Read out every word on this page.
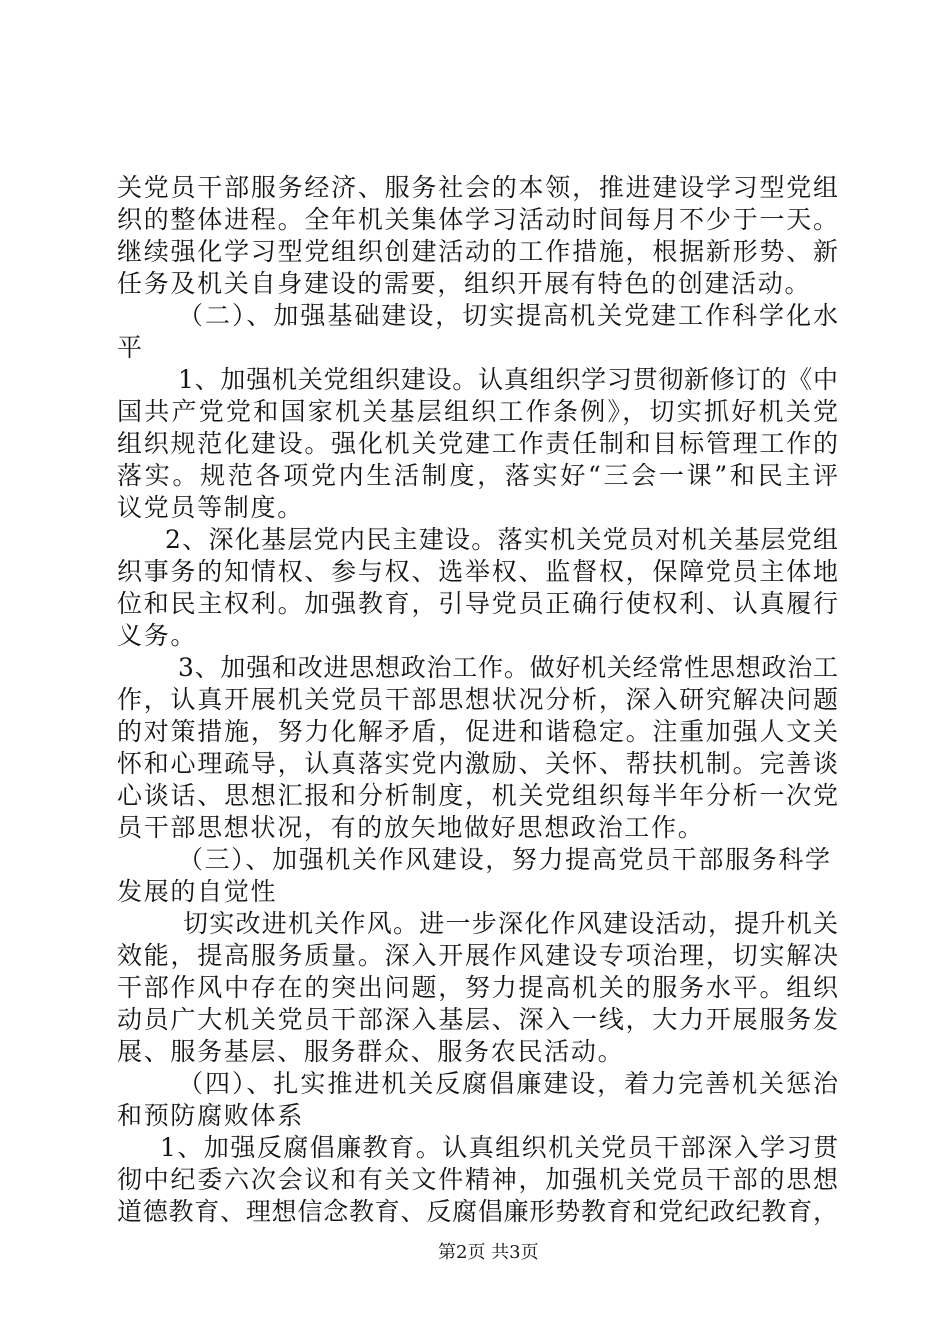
关党员干部服务经济、服务社会的本领，推进建设学习型党组
织的整体进程。全年机关集体学习活动时间每月不少于一天。
继续强化学习型党组织创建活动的工作措施，根据新形势、新
任务及机关自身建设的需要，组织开展有特色的创建活动。
（二）、加强基础建设，切实提高机关党建工作科学化水
平
1、加强机关党组织建设。认真组织学习贯彻新修订的《中
国共产党党和国家机关基层组织工作条例》，切实抓好机关党
组织规范化建设。强化机关党建工作责任制和目标管理工作的
落实。规范各项党内生活制度，落实好“三会一课”和民主评
议党员等制度。
2、深化基层党内民主建设。落实机关党员对机关基层党组
织事务的知情权、参与权、选举权、监督权，保障党员主体地
位和民主权利。加强教育，引导党员正确行使权利、认真履行
义务。
3、加强和改进思想政治工作。做好机关经常性思想政治工
作，认真开展机关党员干部思想状况分析，深入研究解决问题
的对策措施，努力化解矛盾，促进和谐稳定。注重加强人文关
怀和心理疏导，认真落实党内激励、关怀、帮扶机制。完善谈
心谈话、思想汇报和分析制度，机关党组织每半年分析一次党
员干部思想状况，有的放矢地做好思想政治工作。
（三）、加强机关作风建设，努力提高党员干部服务科学
发展的自觉性
切实改进机关作风。进一步深化作风建设活动，提升机关
效能，提高服务质量。深入开展作风建设专项治理，切实解决
干部作风中存在的突出问题，努力提高机关的服务水平。组织
动员广大机关党员干部深入基层、深入一线，大力开展服务发
展、服务基层、服务群众、服务农民活动。
（四）、扎实推进机关反腐倡廉建设，着力完善机关惩治
和预防腐败体系
1、加强反腐倡廉教育。认真组织机关党员干部深入学习贯
彻中纪委六次会议和有关文件精神，加强机关党员干部的思想
道德教育、理想信念教育、反腐倡廉形势教育和党纪政纪教育，
第2页 共3页
